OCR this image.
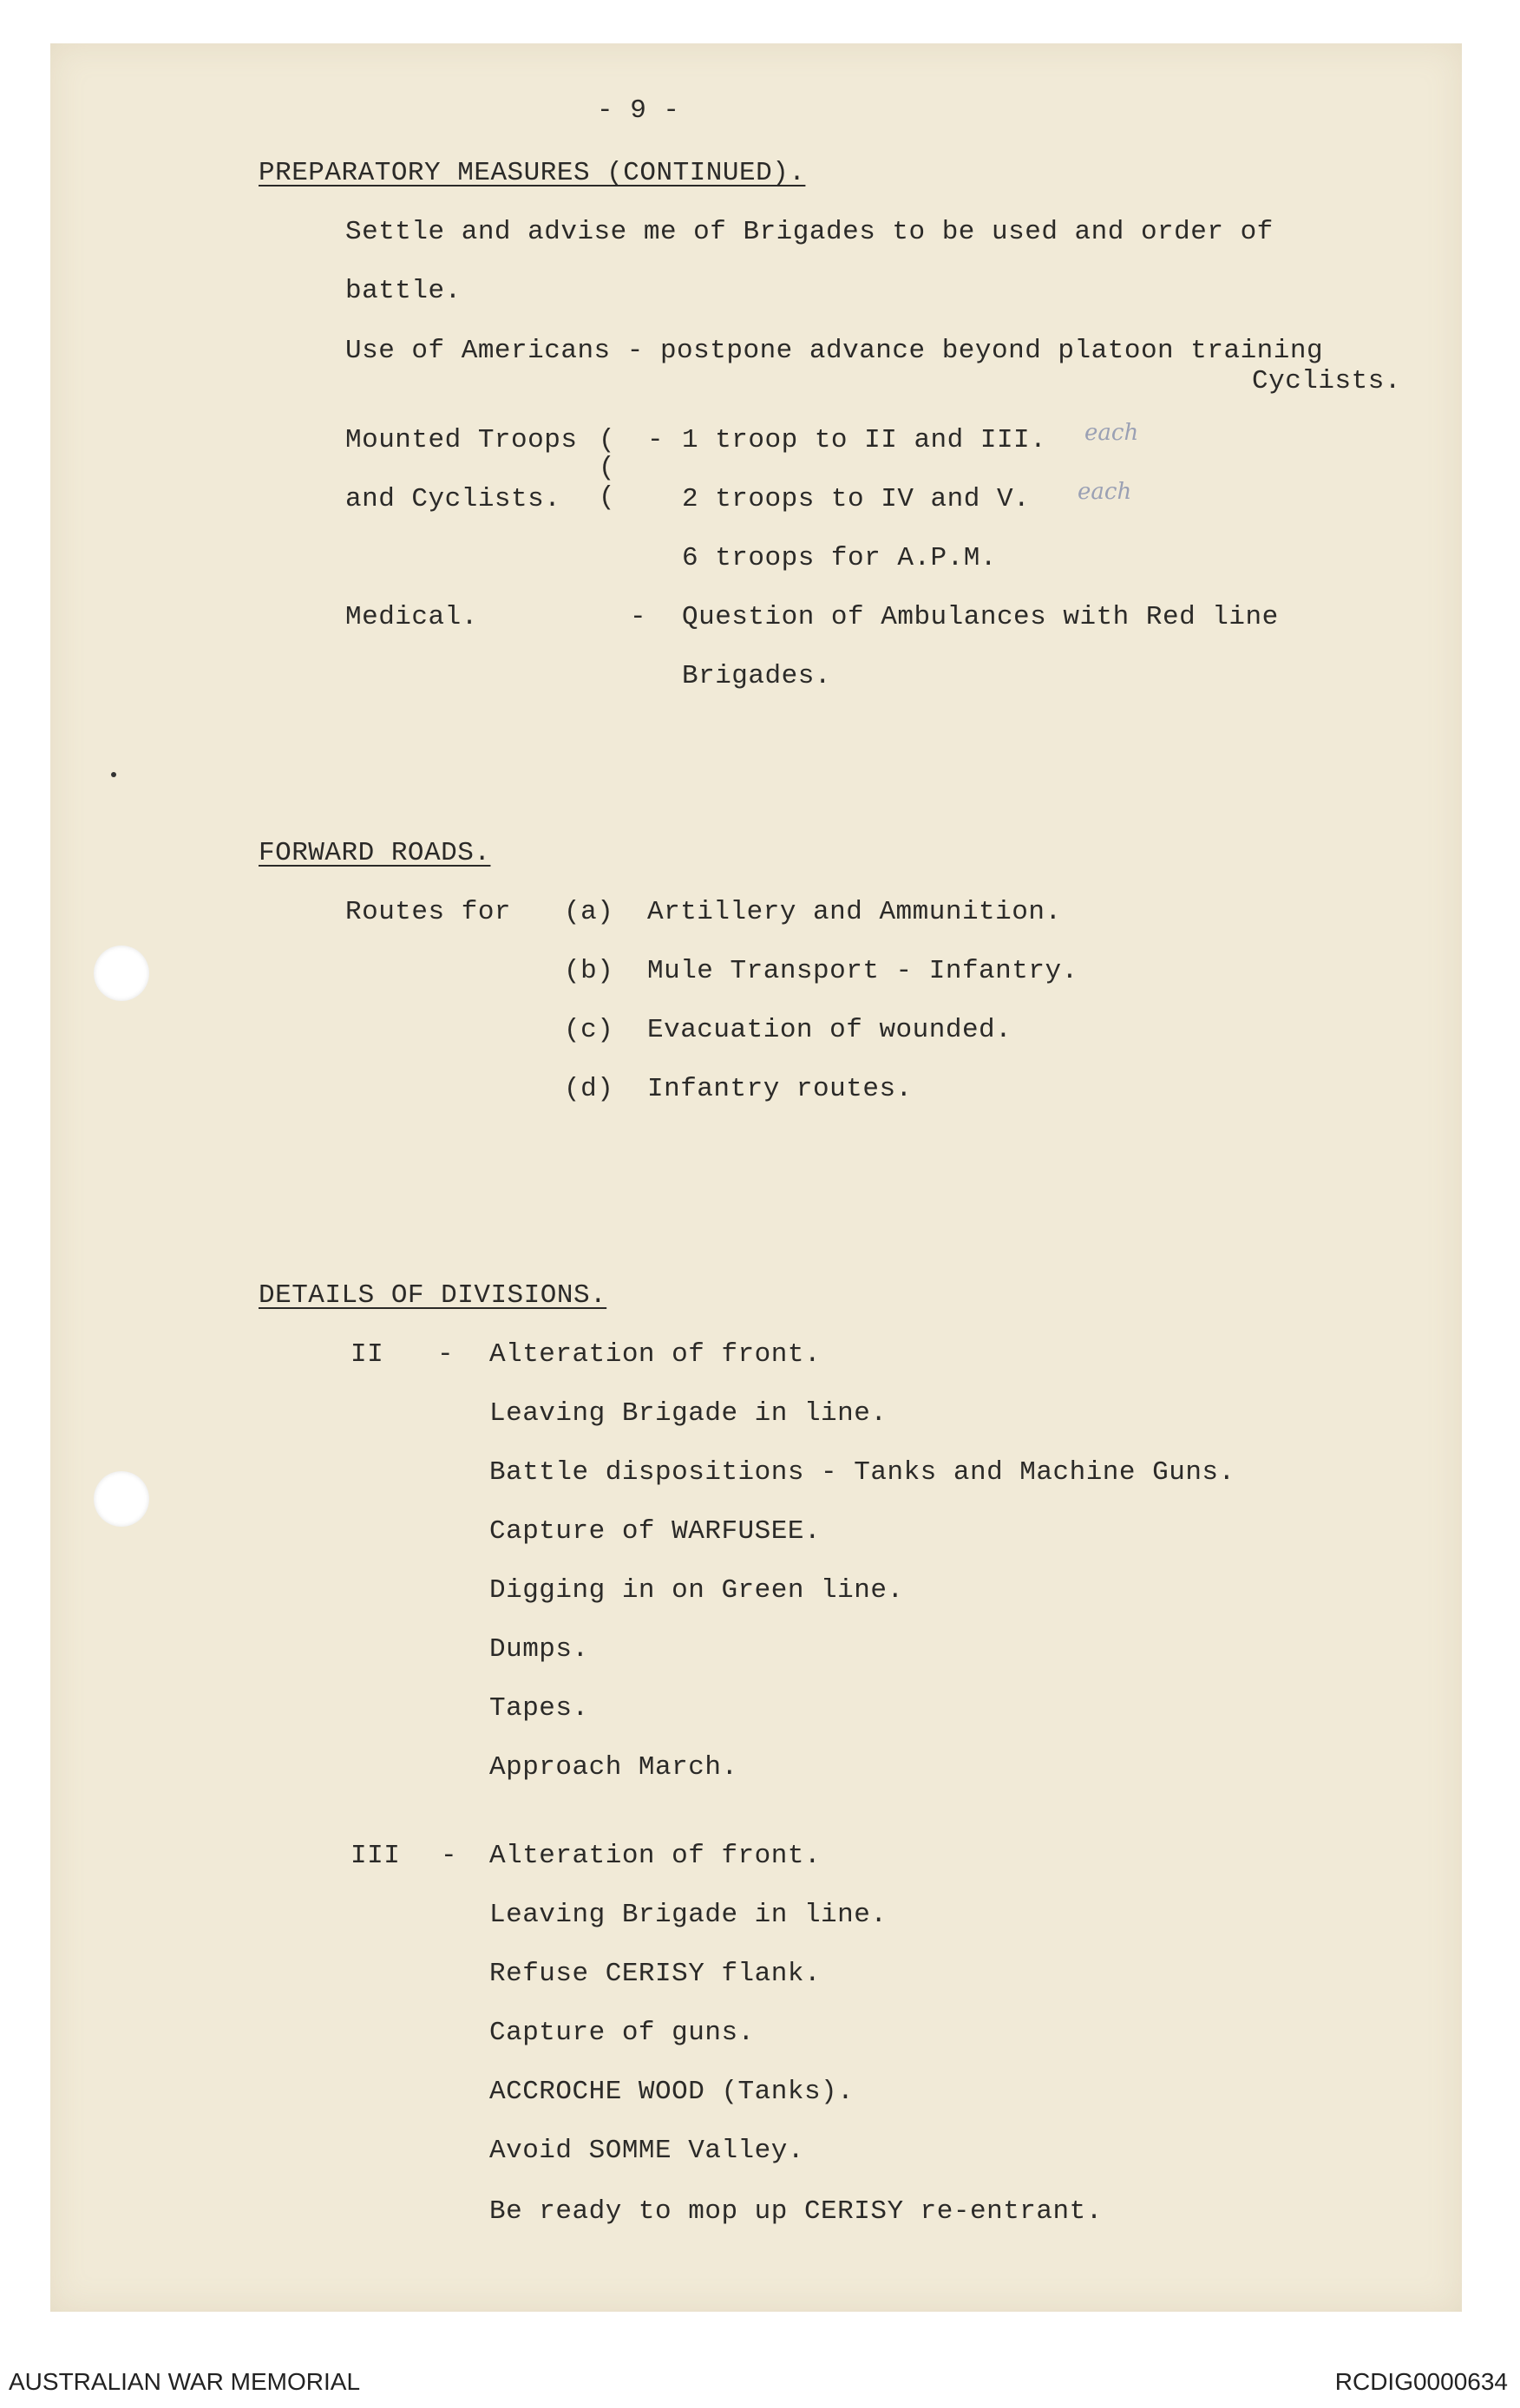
- 9 -
PREPARATORY MEASURES (CONTINUED).
Settle and advise me of Brigades to be used and order of
battle.
Use of Americans - postpone advance beyond platoon training
Cyclists.
Mounted Troops (
(
(
and Cyclists.
- 1 troop to II and III. each
2 troops to IV and V. each
6 troops for A.P.M.
Medical.	- Question of Ambulances with Red line
Brigades.
FORWARD ROADS.
Routes for (a) Artillery and Ammunition.
(b) Mule Transport - Infantry.
(c) Evacuation of wounded.
(d) Infantry routes.
DETAILS OF DIVISIONS.
II - Alteration of front.
Leaving Brigade in line.
Battle dispositions - Tanks and Machine Guns.
Capture of WARFUSEE.
Digging in on Green line.
Dumps.
Tapes.
Approach March.
III - Alteration of front.
Leaving Brigade in line.
Refuse CERISY flank.
Capture of guns.
ACCROCHE WOOD (Tanks).
Avoid SOMME Valley.
Be ready to mop up CERISY re-entrant.
AUSTRALIAN WAR MEMORIAL	RCDIG0000634
